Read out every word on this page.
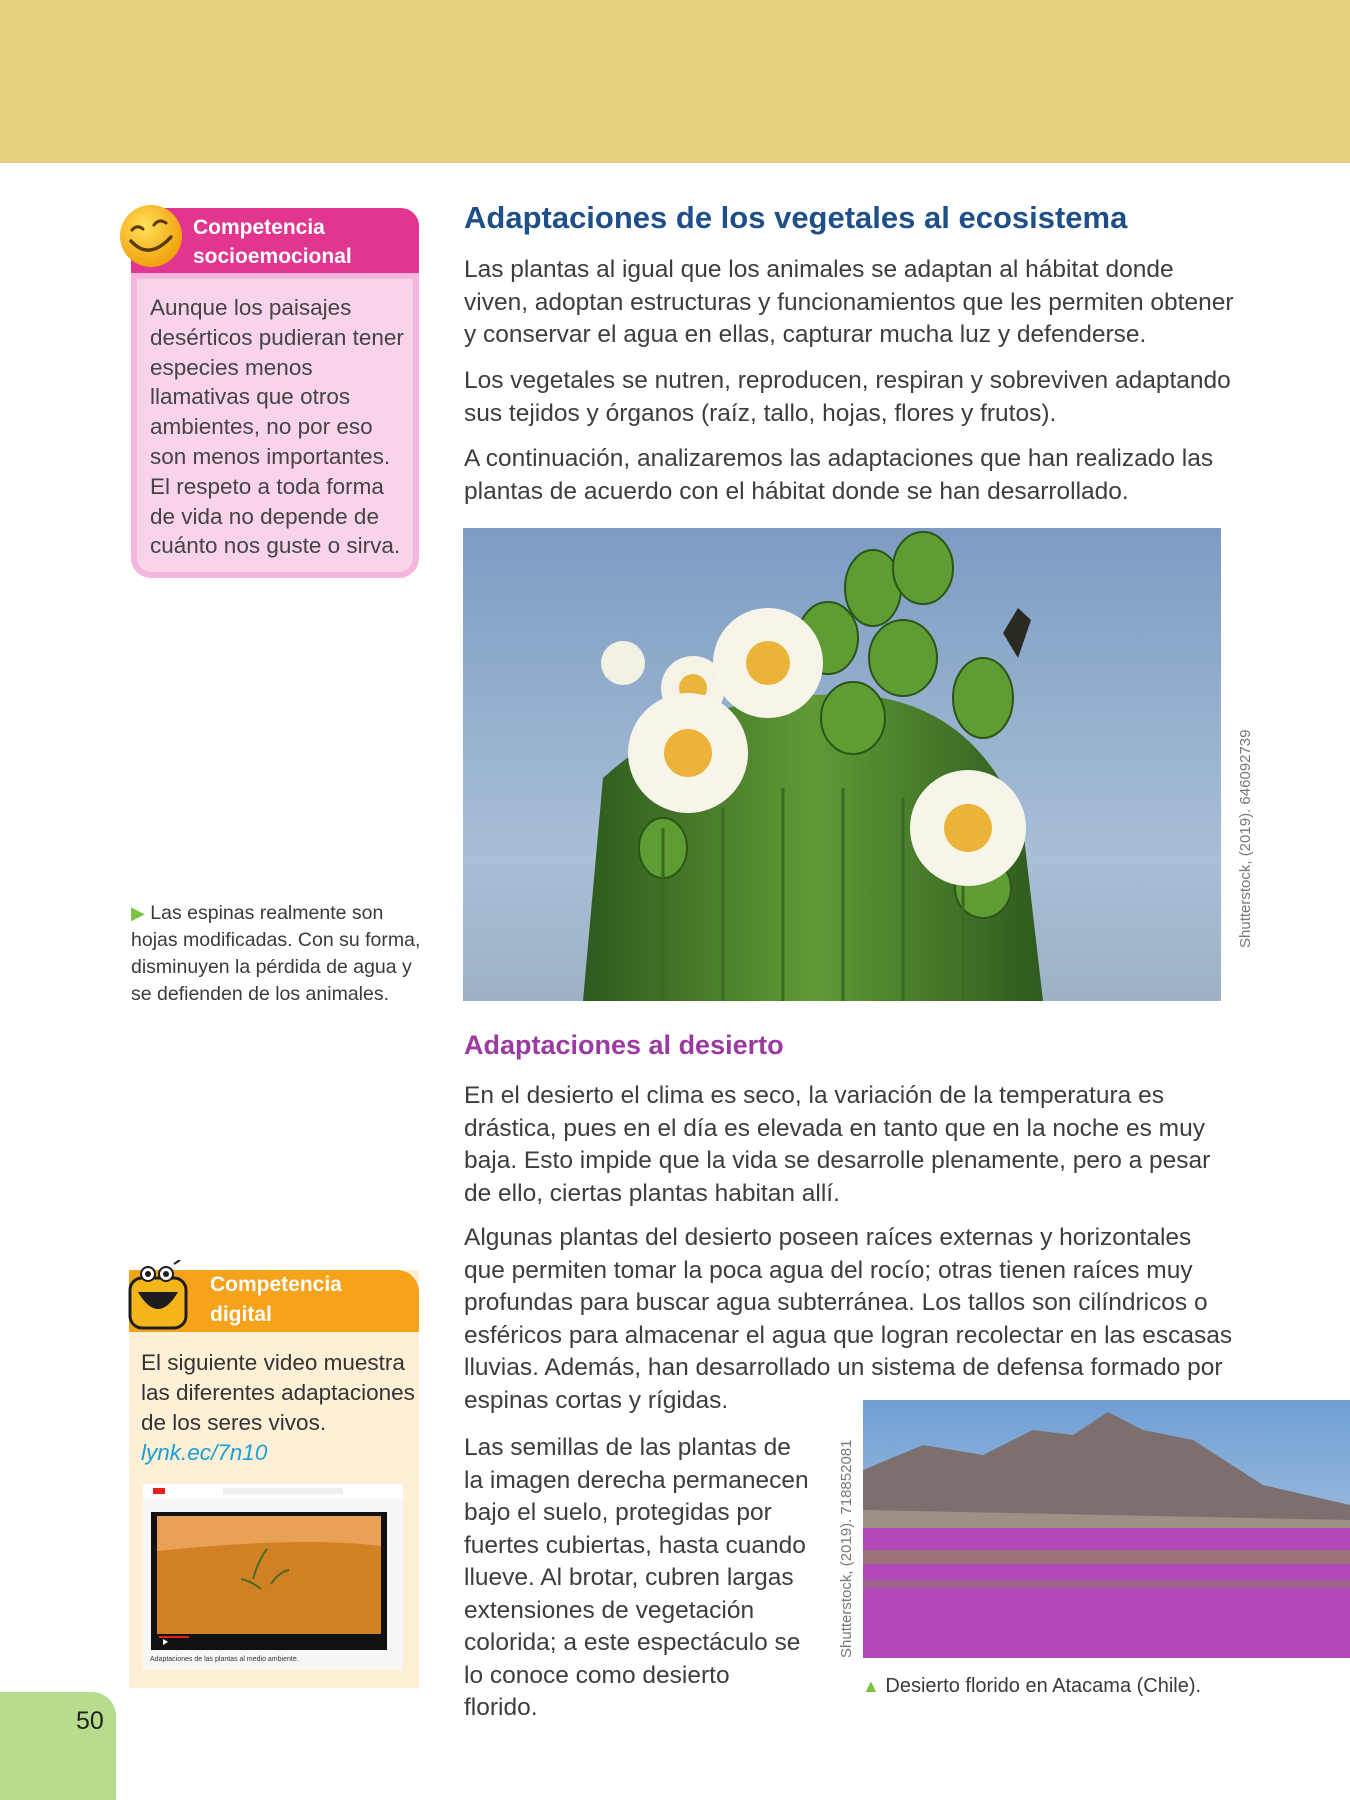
Competencia
socioemocional

Aunque los paisajes desérticos pudieran tener especies menos llamativas que otros ambientes, no por eso son menos importantes. El respeto a toda forma de vida no depende de cuánto nos guste o sirva.

Adaptaciones de los vegetales al ecosistema

Las plantas al igual que los animales se adaptan al hábitat donde viven, adoptan estructuras y funcionamientos que les permiten obtener y conservar el agua en ellas, capturar mucha luz y defenderse.

Los vegetales se nutren, reproducen, respiran y sobreviven adaptando sus tejidos y órganos (raíz, tallo, hojas, flores y frutos).

A continuación, analizaremos las adaptaciones que han realizado las plantas de acuerdo con el hábitat donde se han desarrollado.

Shutterstock, (2019). 646092739

▶ Las espinas realmente son hojas modificadas. Con su forma, disminuyen la pérdida de agua y se defienden de los animales.

Adaptaciones al desierto

En el desierto el clima es seco, la variación de la temperatura es drástica, pues en el día es elevada en tanto que en la noche es muy baja. Esto impide que la vida se desarrolle plenamente, pero a pesar de ello, ciertas plantas habitan allí.

Algunas plantas del desierto poseen raíces externas y horizontales que permiten tomar la poca agua del rocío; otras tienen raíces muy profundas para buscar agua subterránea. Los tallos son cilíndricos o esféricos para almacenar el agua que logran recolectar en las escasas lluvias. Además, han desarrollado un sistema de defensa formado por espinas cortas y rígidas.

Las semillas de las plantas de la imagen derecha permanecen bajo el suelo, protegidas por fuertes cubiertas, hasta cuando llueve. Al brotar, cubren largas extensiones de vegetación colorida; a este espectáculo se lo conoce como desierto florido.

Competencia
digital

El siguiente video muestra las diferentes adaptaciones de los seres vivos. lynk.ec/7n10

Adaptaciones de las plantas al medio ambiente.
Shutterstock, (2019). 718852081

▲ Desierto florido en Atacama (Chile).

50
